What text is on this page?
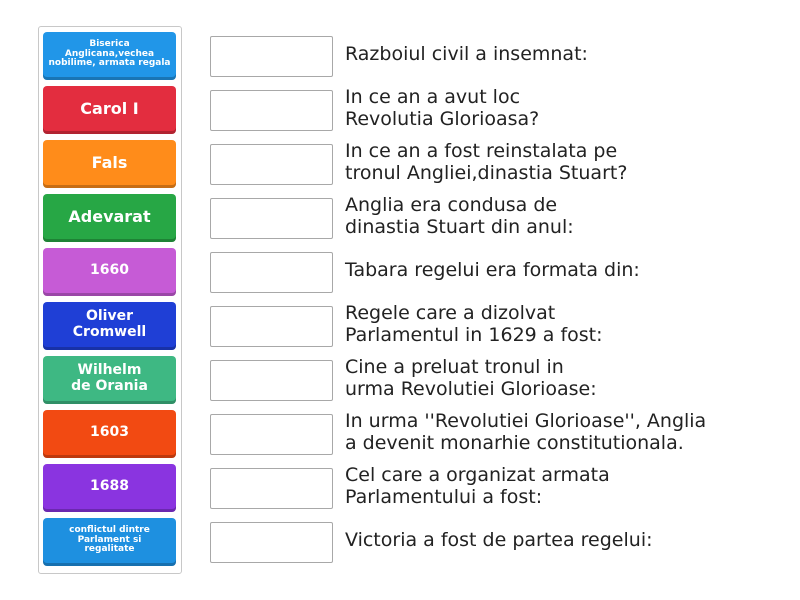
Biserica Anglicana,vechea nobilime, armata regala
Carol I
Fals
Adevarat
1660
Oliver Cromwell
Wilhelm de Orania
1603
1688
conflictul dintre Parlament si regalitate
Razboiul civil a insemnat:
In ce an a avut loc
Revolutia Glorioasa?
In ce an a fost reinstalata pe
tronul Angliei,dinastia Stuart?
Anglia era condusa de
dinastia Stuart din anul:
Tabara regelui era formata din:
Regele care a dizolvat
Parlamentul in 1629 a fost:
Cine a preluat tronul in
urma Revolutiei Glorioase:
In urma ''Revolutiei Glorioase'', Anglia
a devenit monarhie constitutionala.
Cel care a organizat armata
Parlamentului a fost:
Victoria a fost de partea regelui:
